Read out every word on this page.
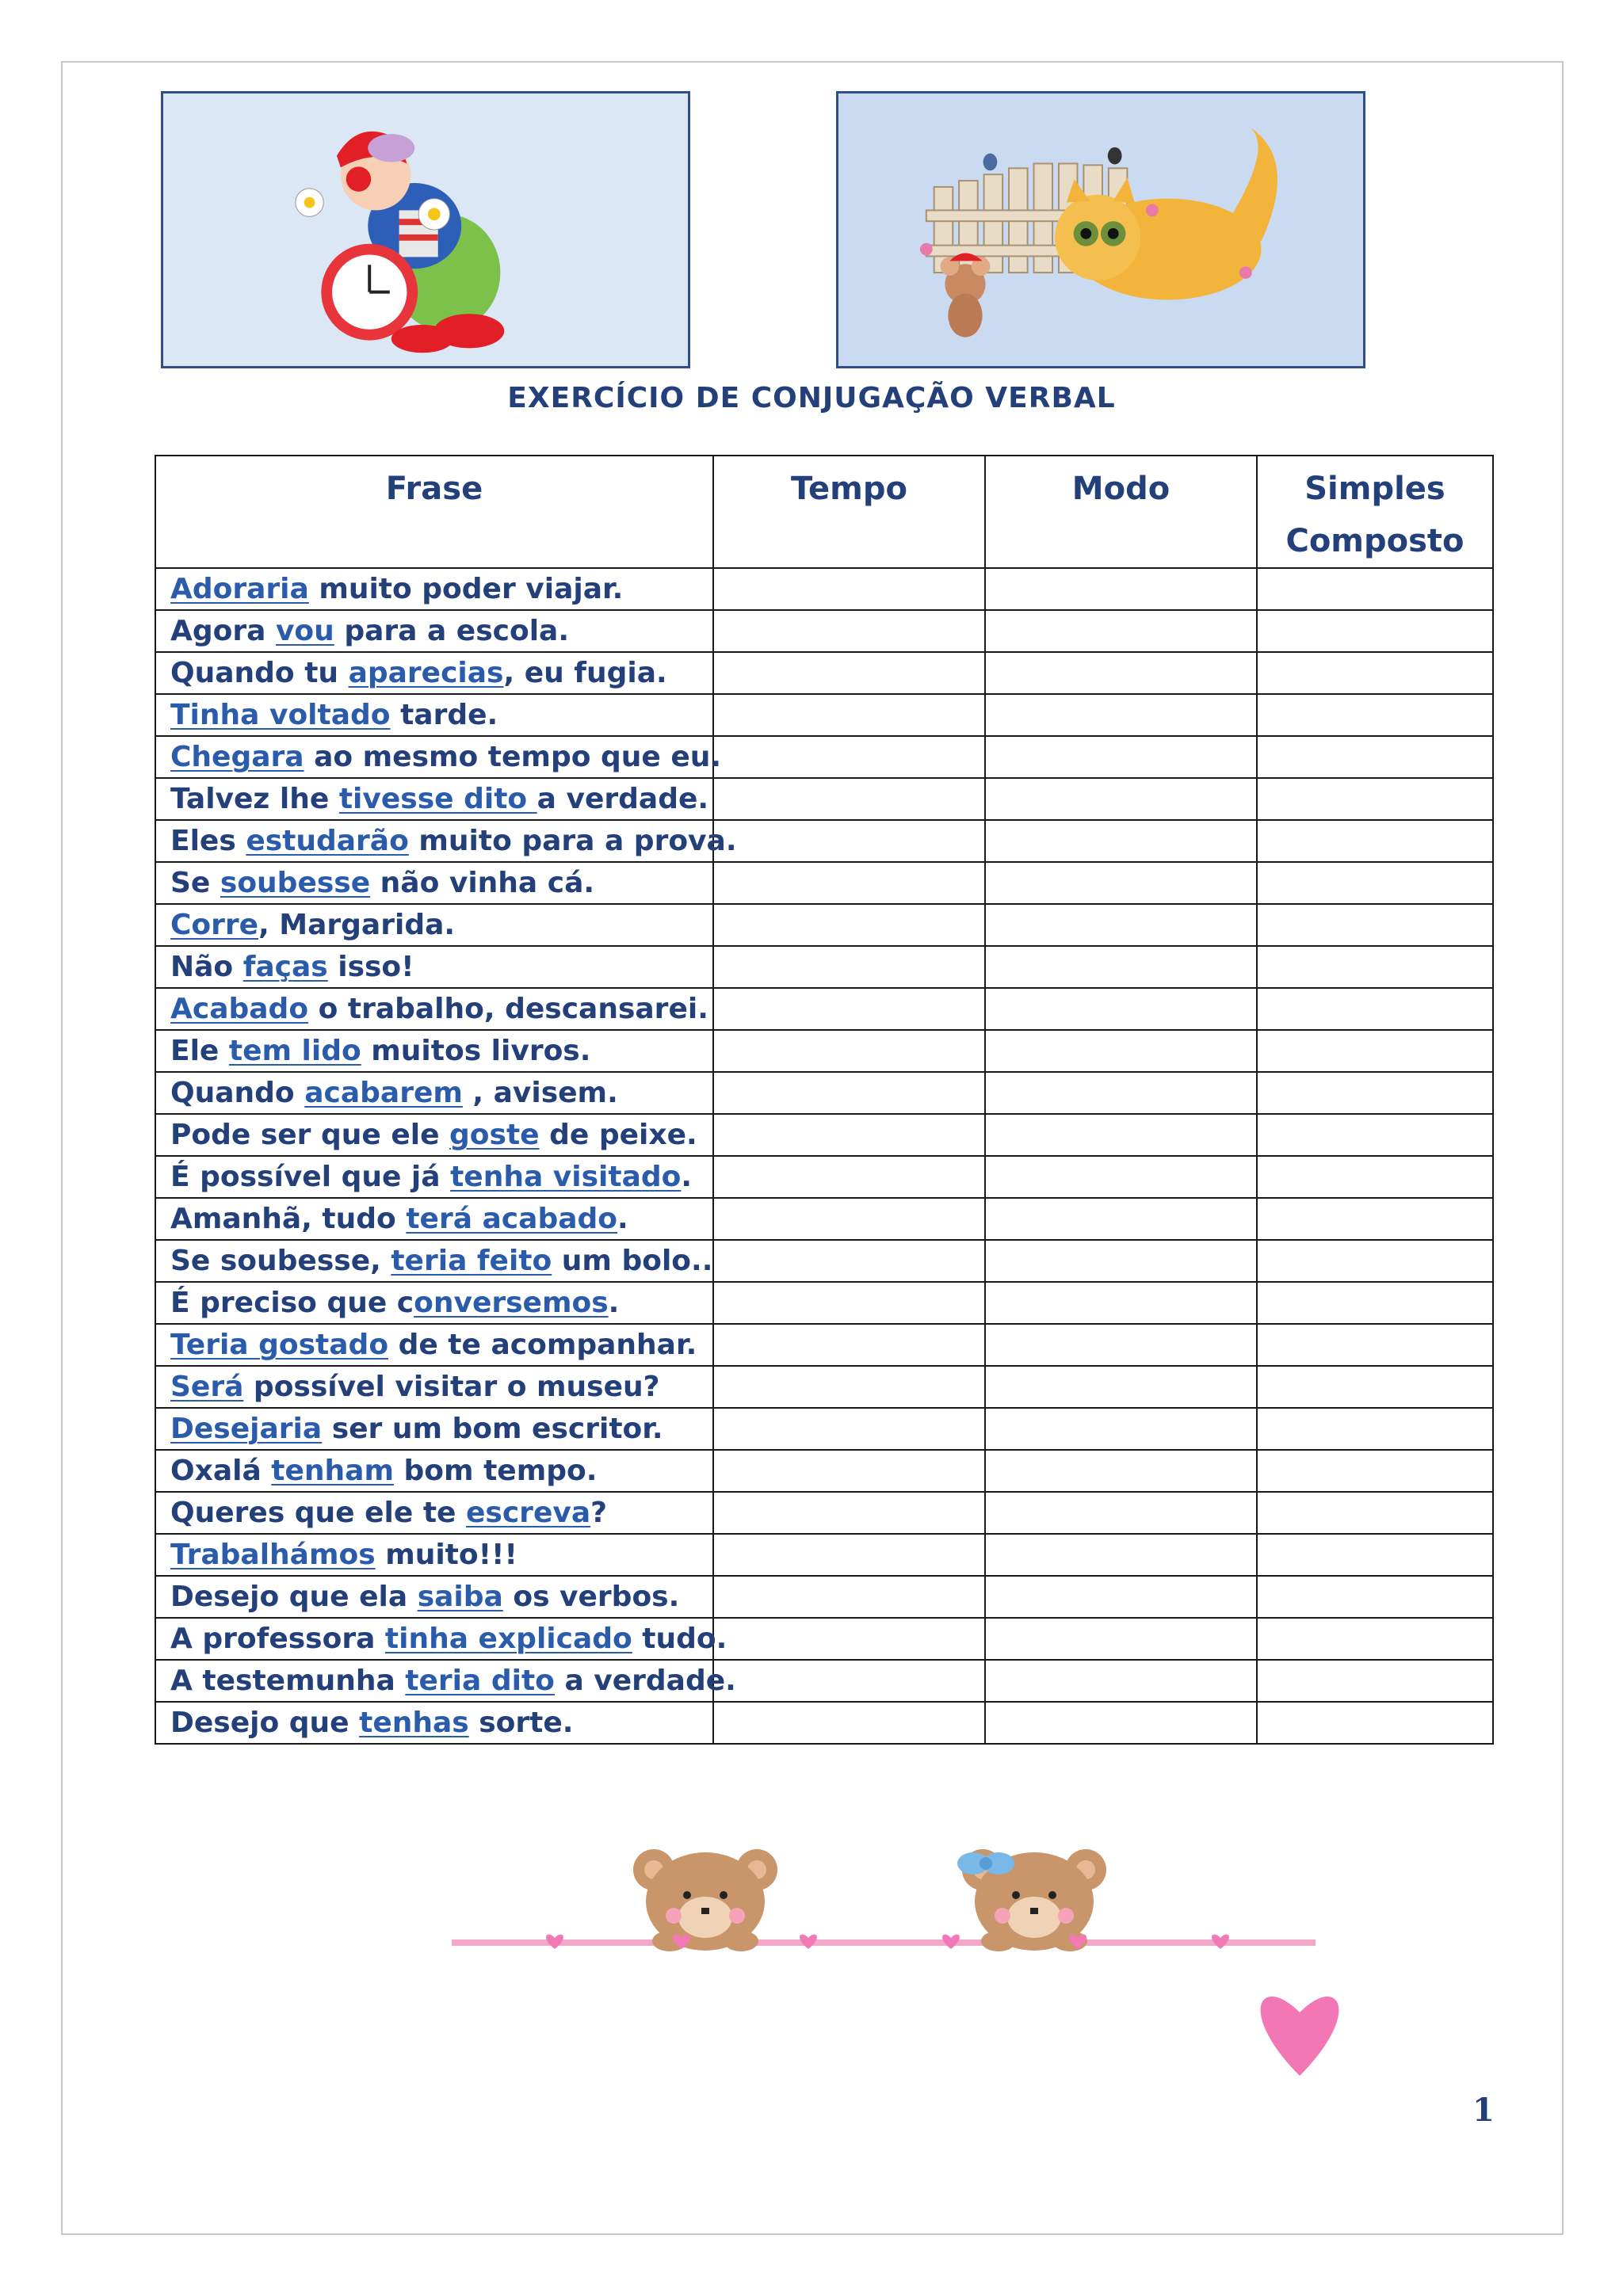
EXERCÍCIO DE CONJUGAÇÃO VERBAL
Frase	Tempo	Modo	Simples
Composto

Adoraria muito poder viajar.			
Agora vou para a escola.			
Quando tu aparecias, eu fugia.			
Tinha voltado tarde.			
Chegara ao mesmo tempo que eu.			
Talvez lhe tivesse dito a verdade.			
Eles estudarão muito para a prova.			
Se soubesse não vinha cá.			
Corre, Margarida.			
Não faças isso!			
Acabado o trabalho, descansarei.			
Ele tem lido muitos livros.			
Quando acabarem , avisem.			
Pode ser que ele goste de peixe.			
É possível que já tenha visitado.			
Amanhã, tudo terá acabado.			
Se soubesse, teria feito um bolo..			
É preciso que conversemos.			
Teria gostado de te acompanhar.			
Será possível visitar o museu?			
Desejaria ser um bom escritor.			
Oxalá tenham bom tempo.			
Queres que ele te escreva?			
Trabalhámos muito!!!			
Desejo que ela saiba os verbos.			
A professora tinha explicado tudo.			
A testemunha teria dito a verdade.			
Desejo que tenhas sorte.			
1
